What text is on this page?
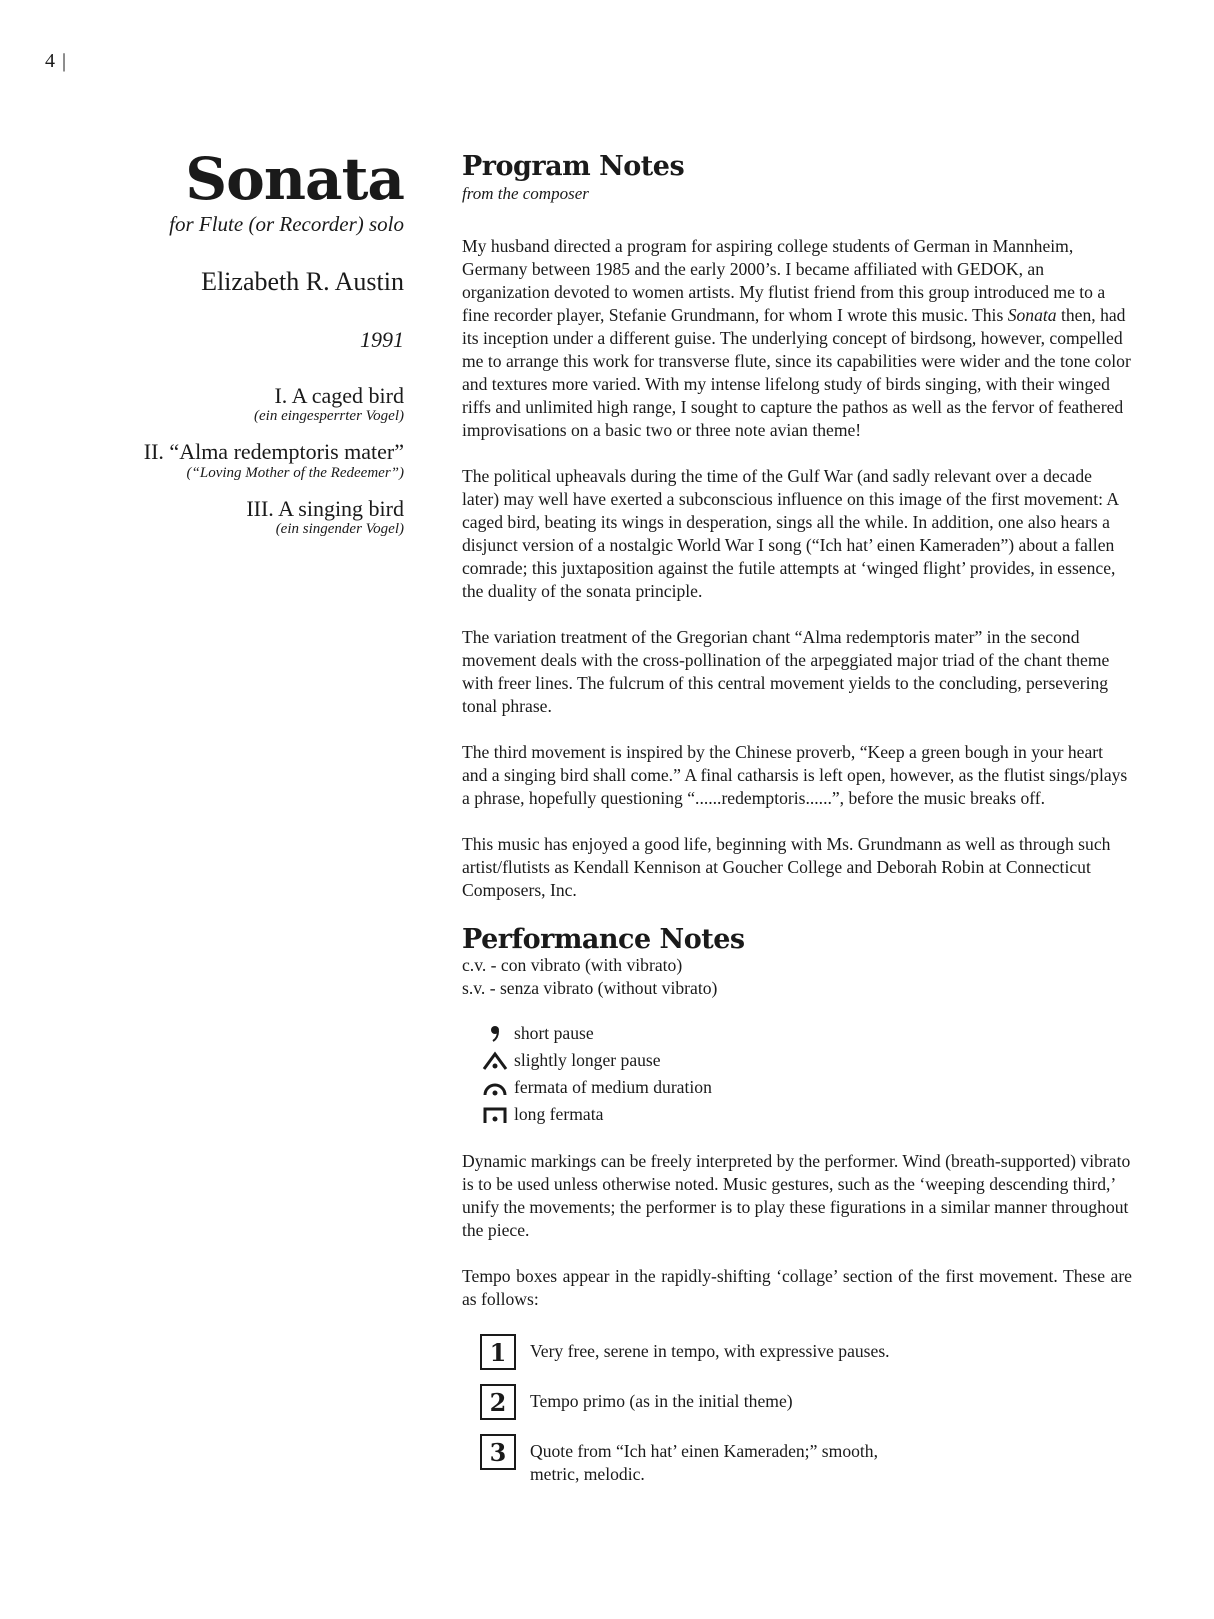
4 |
Sonata
for Flute (or Recorder) solo
Elizabeth R. Austin
1991
I. A caged bird
(ein eingesperrter Vogel)
II. “Alma redemptoris mater”
(“Loving Mother of the Redeemer”)
III. A singing bird
(ein singender Vogel)
Program Notes
from the composer

My husband directed a program for aspiring college students of German in Mannheim, Germany between 1985 and the early 2000’s. I became affiliated with GEDOK, an organization devoted to women artists. My flutist friend from this group introduced me to a fine recorder player, Stefanie Grundmann, for whom I wrote this music. This Sonata then, had its inception under a different guise. The underlying concept of birdsong, however, compelled me to arrange this work for transverse flute, since its capabilities were wider and the tone color and textures more varied. With my intense lifelong study of birds singing, with their winged riffs and unlimited high range, I sought to capture the pathos as well as the fervor of feathered improvisations on a basic two or three note avian theme!

The political upheavals during the time of the Gulf War (and sadly relevant over a decade later) may well have exerted a subconscious influence on this image of the first movement: A caged bird, beating its wings in desperation, sings all the while. In addition, one also hears a disjunct version of a nostalgic World War I song (“Ich hat’ einen Kameraden”) about a fallen comrade; this juxtaposition against the futile attempts at ‘winged flight’ provides, in essence, the duality of the sonata principle.

The variation treatment of the Gregorian chant “Alma redemptoris mater” in the second movement deals with the cross-pollination of the arpeggiated major triad of the chant theme with freer lines. The fulcrum of this central movement yields to the concluding, persevering tonal phrase.

The third movement is inspired by the Chinese proverb, “Keep a green bough in your heart and a singing bird shall come.” A final catharsis is left open, however, as the flutist sings/plays a phrase, hopefully questioning “......redemptoris......”, before the music breaks off.

This music has enjoyed a good life, beginning with Ms. Grundmann as well as through such artist/flutists as Kendall Kennison at Goucher College and Deborah Robin at Connecticut Composers, Inc.

Performance Notes
c.v. - con vibrato (with vibrato)
s.v. - senza vibrato (without vibrato)
short pause
slightly longer pause
fermata of medium duration
long fermata

Dynamic markings can be freely interpreted by the performer. Wind (breath-supported) vibrato is to be used unless otherwise noted. Music gestures, such as the ‘weeping descending third,’ unify the movements; the performer is to play these figurations in a similar manner throughout the piece.

Tempo boxes appear in the rapidly-shifting ‘collage’ section of the first movement. These are as follows:

1	Very free, serene in tempo, with expressive pauses.
2	Tempo primo (as in the initial theme)
3	Quote from “Ich hat’ einen Kameraden;” smooth, metric, melodic.
